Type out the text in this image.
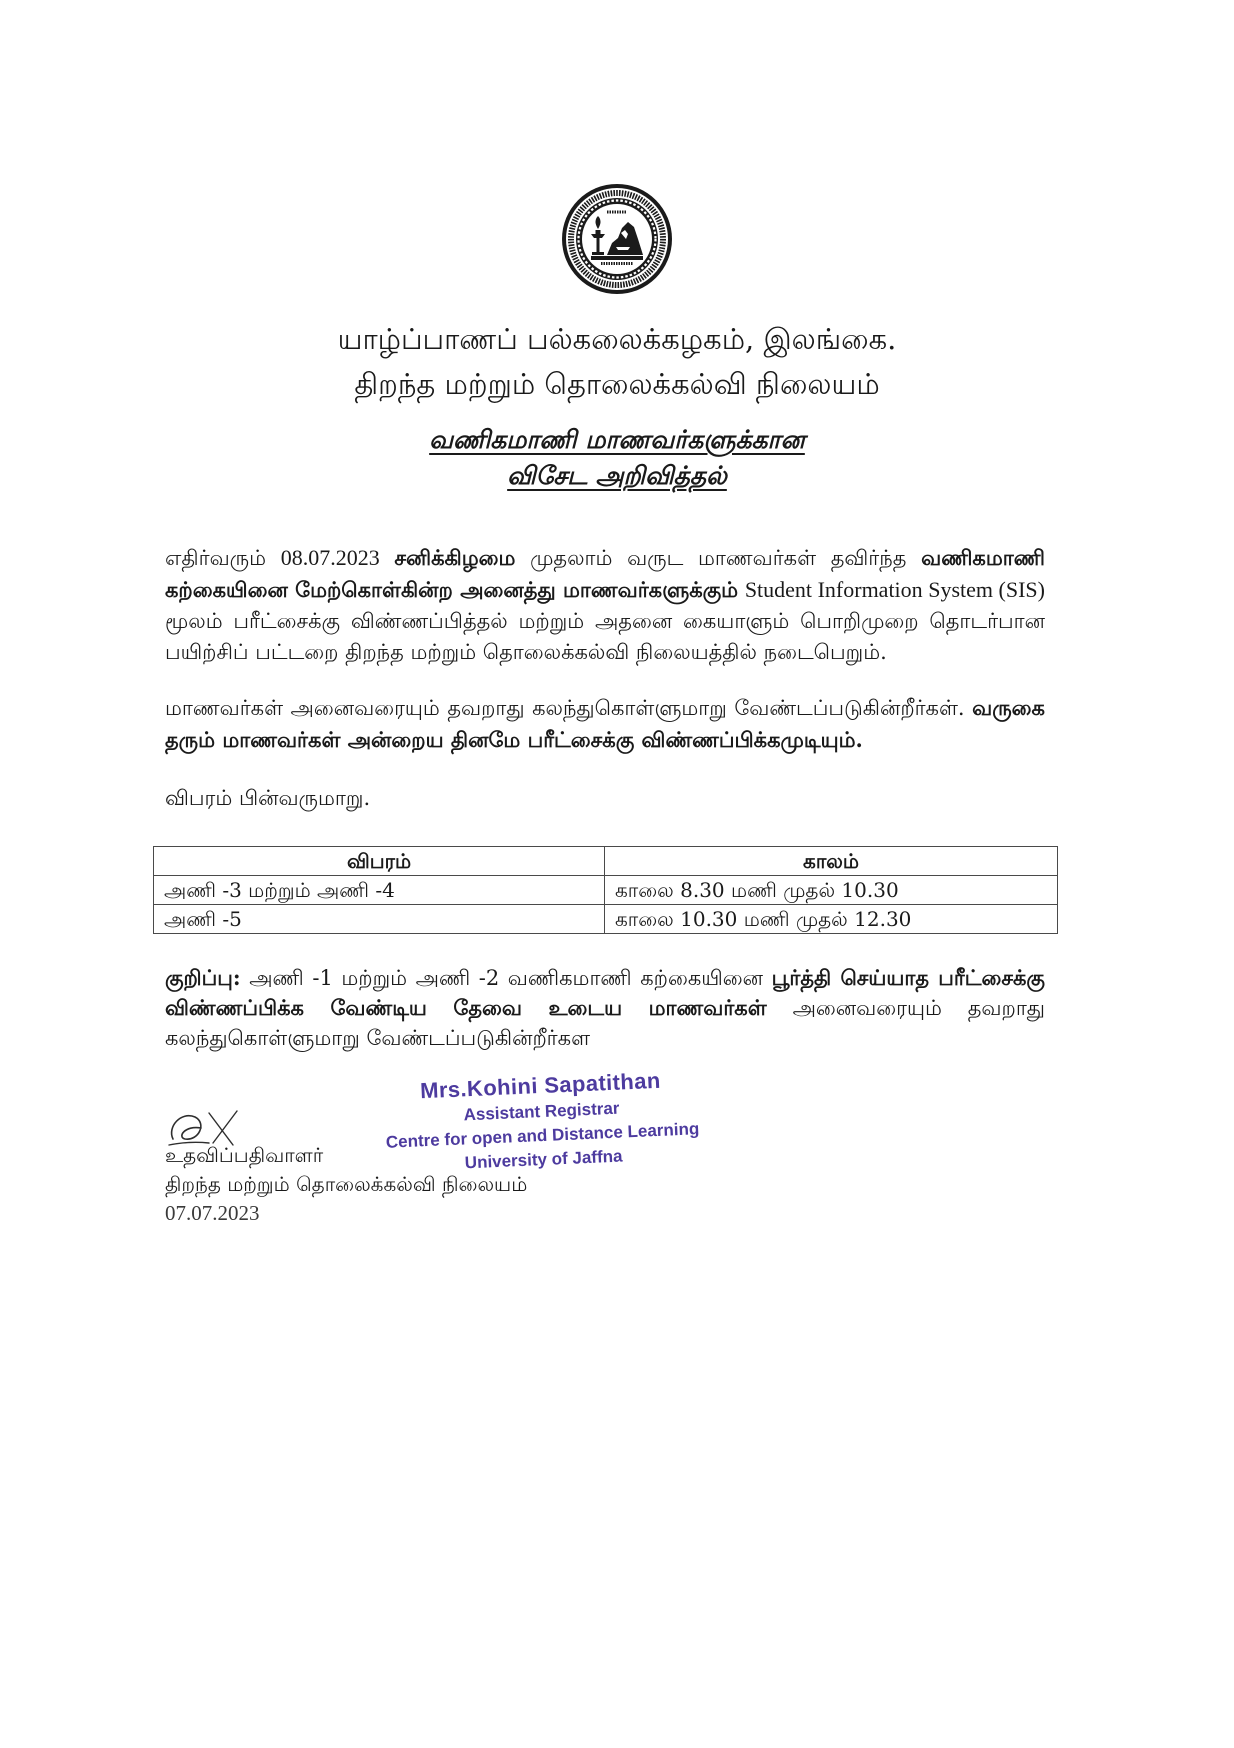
யாழ்ப்பாணப் பல்கலைக்கழகம், இலங்கை.
திறந்த மற்றும் தொலைக்கல்வி நிலையம்
வணிகமாணி மாணவர்களுக்கான
விசேட அறிவித்தல்

எதிர்வரும் 08.07.2023 சனிக்கிழமை முதலாம் வருட மாணவர்கள் தவிர்ந்த வணிகமாணி கற்கையினை மேற்கொள்கின்ற அனைத்து மாணவர்களுக்கும் Student Information System (SIS) மூலம் பரீட்சைக்கு விண்ணப்பித்தல் மற்றும் அதனை கையாளும் பொறிமுறை தொடர்பான பயிற்சிப் பட்டறை திறந்த மற்றும் தொலைக்கல்வி நிலையத்தில் நடைபெறும்.

மாணவர்கள் அனைவரையும் தவறாது கலந்துகொள்ளுமாறு வேண்டப்படுகின்றீர்கள். வருகை தரும் மாணவர்கள் அன்றைய தினமே பரீட்சைக்கு விண்ணப்பிக்கமுடியும்.

விபரம் பின்வருமாறு.

விபரம்	காலம்
அணி -3 மற்றும் அணி -4	காலை 8.30 மணி முதல் 10.30
அணி -5	காலை 10.30 மணி முதல் 12.30

குறிப்பு: அணி -1 மற்றும் அணி -2 வணிகமாணி கற்கையினை பூர்த்தி செய்யாத பரீட்சைக்கு விண்ணப்பிக்க வேண்டிய தேவை உடைய மாணவர்கள் அனைவரையும் தவறாது கலந்துகொள்ளுமாறு வேண்டப்படுகின்றீர்கள

Mrs.Kohini Sapatithan
Assistant Registrar
Centre for open and Distance Learning
University of Jaffna
உதவிப்பதிவாளர்
திறந்த மற்றும் தொலைக்கல்வி நிலையம்
07.07.2023
